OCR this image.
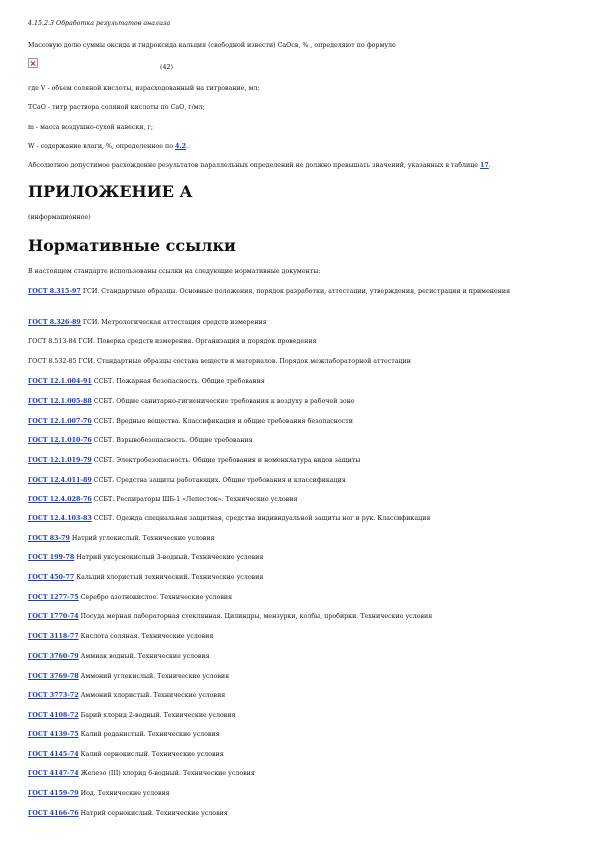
4.15.2.3 Обработка результатов анализа
Массовую долю суммы оксида и гидроксида кальция (свободной извести) СаОсв, % , определяют по формуле
(42)
где V - объем соляной кислоты, израсходованный на титрование, мл;
ТСаО - титр раствора соляной кислоты по СаО, г/мл;
m - масса воздушно-сухой навески, г;
W - содержание влаги, %, определенное по 4.2.
Абсолютное допустимое расхождение результатов параллельных определений не должно превышать значений, указанных в таблице 17.
ПРИЛОЖЕНИЕ А
(информационное)
Нормативные ссылки
В настоящем стандарте использованы ссылки на следующие нормативные документы:
ГОСТ 8.315-97 ГСИ. Стандартные образцы. Основные положения, порядок разработки, аттестации, утверждения, регистрации и применения
ГОСТ 8.326-89 ГСИ. Метрологическая аттестация средств измерения
ГОСТ 8.513-84 ГСИ. Поверка средств измерения. Организация и порядок проведения
ГОСТ 8.532-85 ГСИ. Стандартные образцы состава веществ и материалов. Порядок межлабораторной аттестации
ГОСТ 12.1.004-91 ССБТ. Пожарная безопасность. Общие требования
ГОСТ 12.1.005-88 ССБТ. Общие санитарно-гигиенические требования к воздуху в рабочей зоне
ГОСТ 12.1.007-76 ССБТ. Вредные вещества. Классификация и общие требования безопасности
ГОСТ 12.1.010-76 ССБТ. Взрывобезопасность. Общие требования
ГОСТ 12.1.019-79 ССБТ. Электробезопасность. Общие требования и номенклатура видов защиты
ГОСТ 12.4.011-89 ССБТ. Средства защиты работающих. Общие требования и классификация
ГОСТ 12.4.028-76 ССБТ. Респираторы ШБ-1 «Лепесток». Технические условия
ГОСТ 12.4.103-83 ССБТ. Одежда специальная защитная, средства индивидуальной защиты ног и рук. Классификация
ГОСТ 83-79 Натрий углекислый. Технические условия
ГОСТ 199-78 Натрий уксуснокислый 3-водный. Технические условия
ГОСТ 450-77 Кальций хлористый технический. Технические условия
ГОСТ 1277-75 Серебро азотнокислое. Технические условия
ГОСТ 1770-74 Посуда мерная лабораторная стеклянная. Цилиндры, мензурки, колбы, пробирки. Технические условия
ГОСТ 3118-77 Кислота соляная. Технические условия
ГОСТ 3760-79 Аммиак водный. Технические условия
ГОСТ 3769-78 Аммоний углекислый. Технические условия
ГОСТ 3773-72 Аммоний хлористый. Технические условия
ГОСТ 4108-72 Барий хлорид 2-водный. Технические условия
ГОСТ 4139-75 Калий роданистый. Технические условия
ГОСТ 4145-74 Калий сернокислый. Технические условия
ГОСТ 4147-74 Железо (III) хлорид 6-водный. Технические условия
ГОСТ 4159-79 Йод. Технические условия
ГОСТ 4166-76 Натрий сернокислый. Технические условия
